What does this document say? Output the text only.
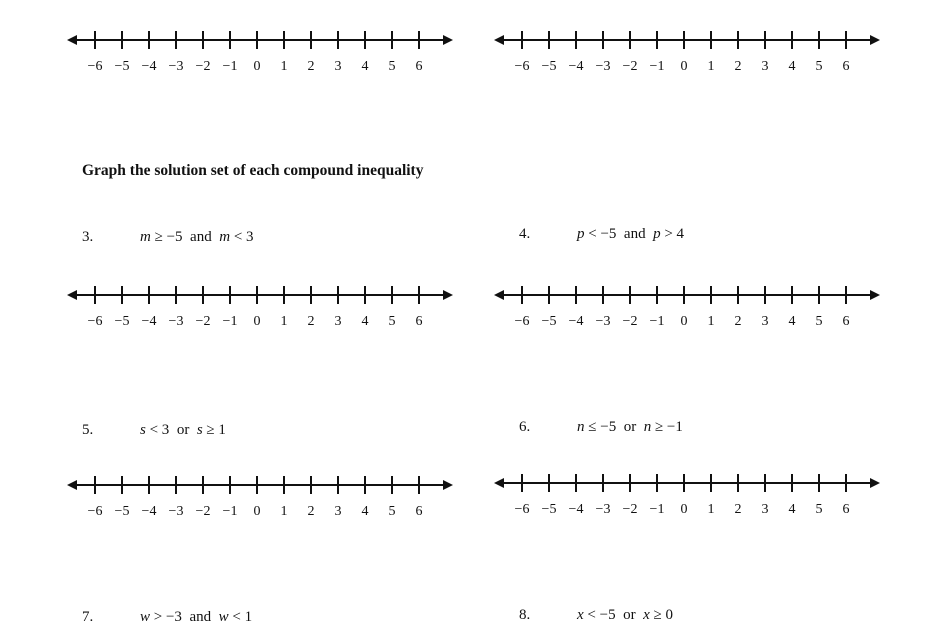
−6 −5 −4 −3 −2 −1 0 1 2 3 4 5 6	−6 −5 −4 −3 −2 −1 0 1 2 3 4 5 6
Graph the solution set of each compound inequality
3.	m ≥ −5 and m < 3	4.	p < −5 and p > 4
−6 −5 −4 −3 −2 −1 0 1 2 3 4 5 6	−6 −5 −4 −3 −2 −1 0 1 2 3 4 5 6
5.	s < 3 or s ≥ 1	6.	n ≤ −5 or n ≥ −1
−6 −5 −4 −3 −2 −1 0 1 2 3 4 5 6	−6 −5 −4 −3 −2 −1 0 1 2 3 4 5 6
7.	w > −3 and w < 1	8.	x < −5 or x ≥ 0
